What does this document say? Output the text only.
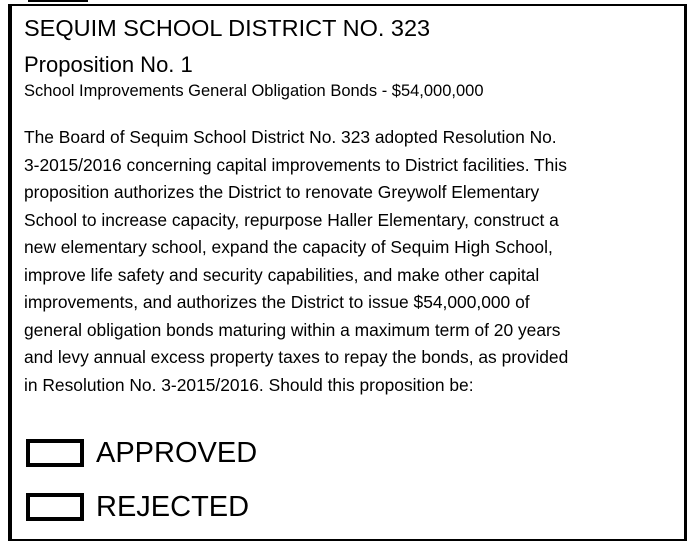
SEQUIM SCHOOL DISTRICT NO. 323
Proposition No. 1

School Improvements General Obligation Bonds - $54,000,000

The Board of Sequim School District No. 323 adopted Resolution No.
3-2015/2016 concerning capital improvements to District facilities. This
proposition authorizes the District to renovate Greywolf Elementary
School to increase capacity, repurpose Haller Elementary, construct a
new elementary school, expand the capacity of Sequim High School,
improve life safety and security capabilities, and make other capital
improvements, and authorizes the District to issue $54,000,000 of
general obligation bonds maturing within a maximum term of 20 years
and levy annual excess property taxes to repay the bonds, as provided
in Resolution No. 3-2015/2016. Should this proposition be:

APPROVED
REJECTED
